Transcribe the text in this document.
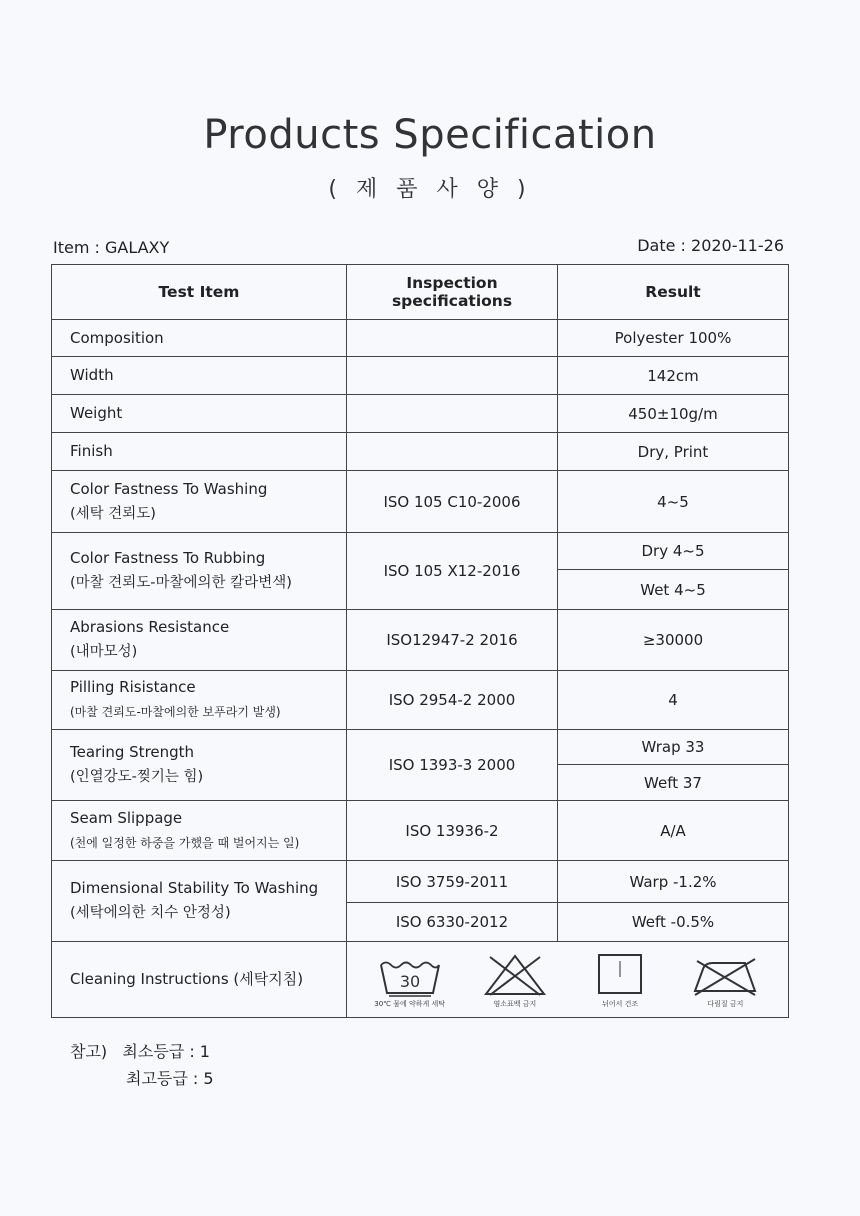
Products Specification
( 제 품 사 양 )
Item : GALAXY	Date : 2020-11-26
Test Item	Inspection specifications	Result
Composition		Polyester 100%
Width		142cm
Weight		450±10g/m
Finish		Dry, Print

Color Fastness To Washing
(세탁 견뢰도)	ISO 105 C10-2006	4~5

Color Fastness To Rubbing
(마찰 견뢰도-마찰에의한 칼라변색)	ISO 105 X12-2016	Dry 4~5
		Wet 4~5

Abrasions Resistance
(내마모성)	ISO12947-2 2016	≥30000

Pilling Risistance
(마찰 견뢰도-마찰에의한 보푸라기 발생)	ISO 2954-2 2000	4

Tearing Strength
(인열강도-찢기는 힘)	ISO 1393-3 2000	Wrap 33
		Weft 37

Seam Slippage
(천에 일정한 하중을 가했을 때 벌어지는 일)	ISO 13936-2	A/A

Dimensional Stability To Washing
(세탁에의한 치수 안정성)	ISO 3759-2011	Warp -1.2%
	ISO 6330-2012	Weft -0.5%
Cleaning Instructions (세탁지침)	30
30℃ 물에 약하게 세탁 염소표백 금지 뉘어서 건조 다림질 금지	
참고) 최소등급 : 1
최고등급 : 5
